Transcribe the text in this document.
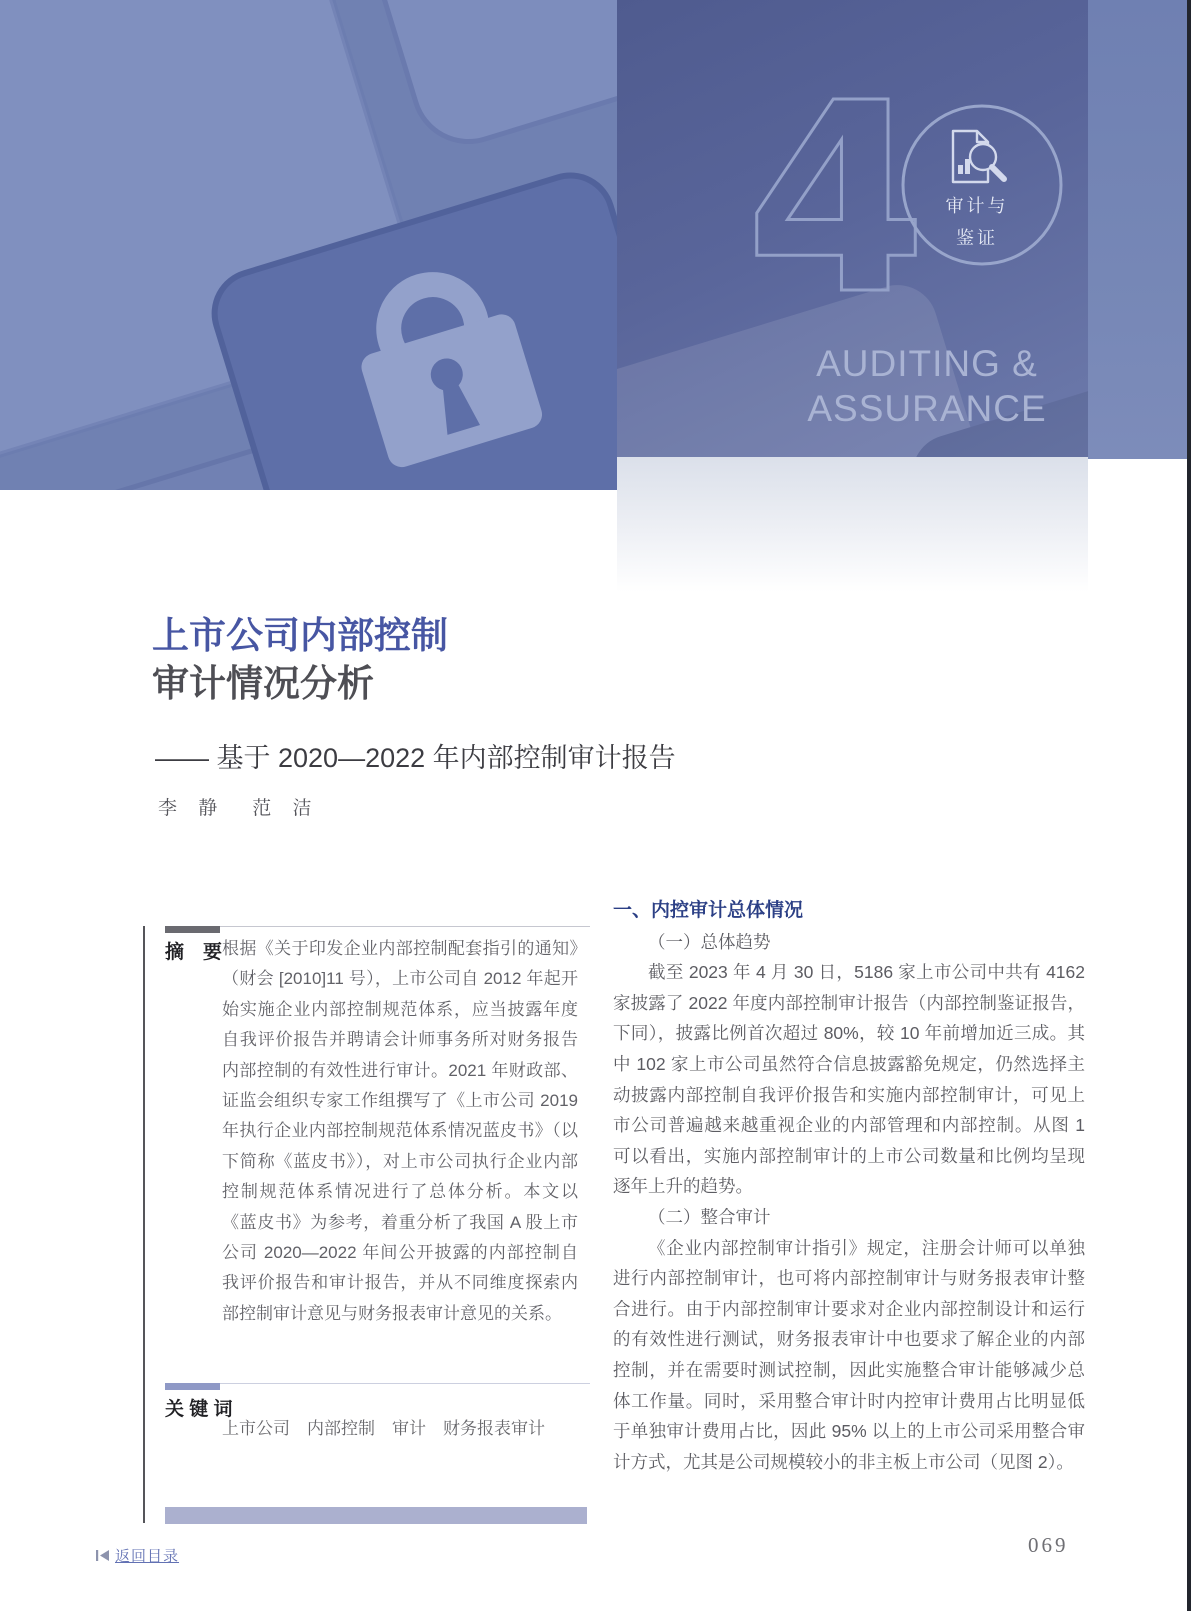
4 审计与
鉴证
AUDITING &
ASSURANCE
上市公司内部控制
审计情况分析
—— 基于 2020—2022 年内部控制审计报告
李 静　范 洁
摘　要 根据《关于印发企业内部控制配套指引的通知》（财会 [2010]11 号），上市公司自 2012 年起开始实施企业内部控制规范体系，应当披露年度自我评价报告并聘请会计师事务所对财务报告内部控制的有效性进行审计。2021 年财政部、证监会组织专家工作组撰写了《上市公司 2019 年执行企业内部控制规范体系情况蓝皮书》（以下简称《蓝皮书》），对上市公司执行企业内部控制规范体系情况进行了总体分析。本文以《蓝皮书》为参考，着重分析了我国 A 股上市公司 2020—2022 年间公开披露的内部控制自我评价报告和审计报告，并从不同维度探索内部控制审计意见与财务报表审计意见的关系。
关 键 词
上市公司　内部控制　审计　财务报表审计
一、内控审计总体情况

（一）总体趋势

截至 2023 年 4 月 30 日，5186 家上市公司中共有 4162 家披露了 2022 年度内部控制审计报告（内部控制鉴证报告，下同），披露比例首次超过 80%，较 10 年前增加近三成。其中 102 家上市公司虽然符合信息披露豁免规定，仍然选择主动披露内部控制自我评价报告和实施内部控制审计，可见上市公司普遍越来越重视企业的内部管理和内部控制。从图 1 可以看出，实施内部控制审计的上市公司数量和比例均呈现逐年上升的趋势。

（二）整合审计

《企业内部控制审计指引》规定，注册会计师可以单独进行内部控制审计，也可将内部控制审计与财务报表审计整合进行。由于内部控制审计要求对企业内部控制设计和运行的有效性进行测试，财务报表审计中也要求了解企业的内部控制，并在需要时测试控制，因此实施整合审计能够减少总体工作量。同时，采用整合审计时内控审计费用占比明显低于单独审计费用占比，因此 95% 以上的上市公司采用整合审计方式，尤其是公司规模较小的非主板上市公司（见图 2）。

返回目录	069
